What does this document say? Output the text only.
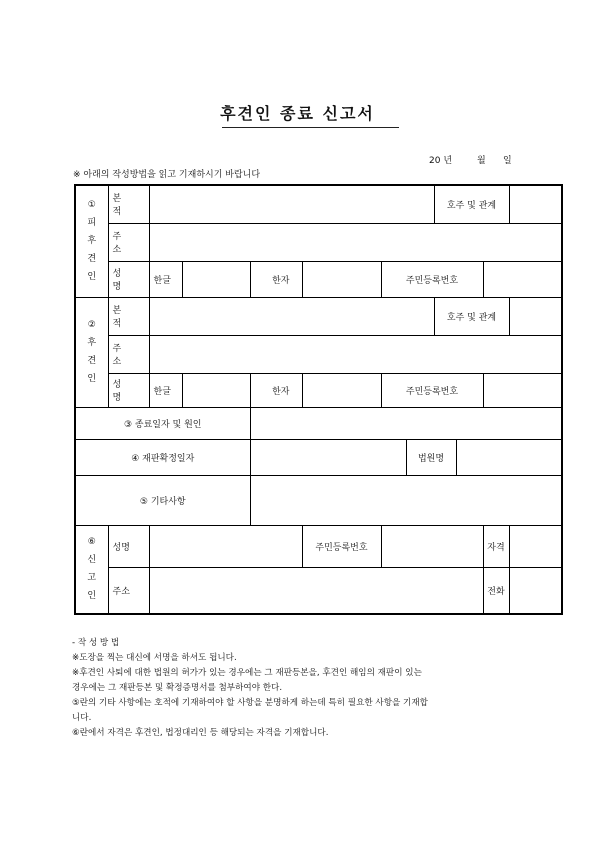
후견인 종료 신고서
20 년	월 일
※ 아래의 작성방법을 읽고 기재하시기 바랍니다
①
피
후
견
인	본 적							호주 및 관계			
	주 소										
	성 명	한글		한자		주민등록번호					

②
후
견
인	본 적							호주 및 관계			
	주 소										
	성 명	한글		한자		주민등록번호					
③ 종료일자 및 원인											
④ 재판확정일자							법원명				
⑤ 기타사항											

⑥
신
고
인	성명				주민등록번호					자격	
	주소									전화	
- 작 성 방 법
※도장을 찍는 대신에 서명을 하셔도 됩니다.
※후견인 사퇴에 대한 법원의 허가가 있는 경우에는 그 재판등본을, 후견인 해임의 재판이 있는
경우에는 그 재판등본 및 확정증명서를 첨부하여야 한다.
⑤란의 기타 사항에는 호적에 기재하여야 할 사항을 분명하게 하는데 특히 필요한 사항을 기재합
니다.
⑥란에서 자격은 후견인, 법정대리인 등 해당되는 자격을 기재합니다.
